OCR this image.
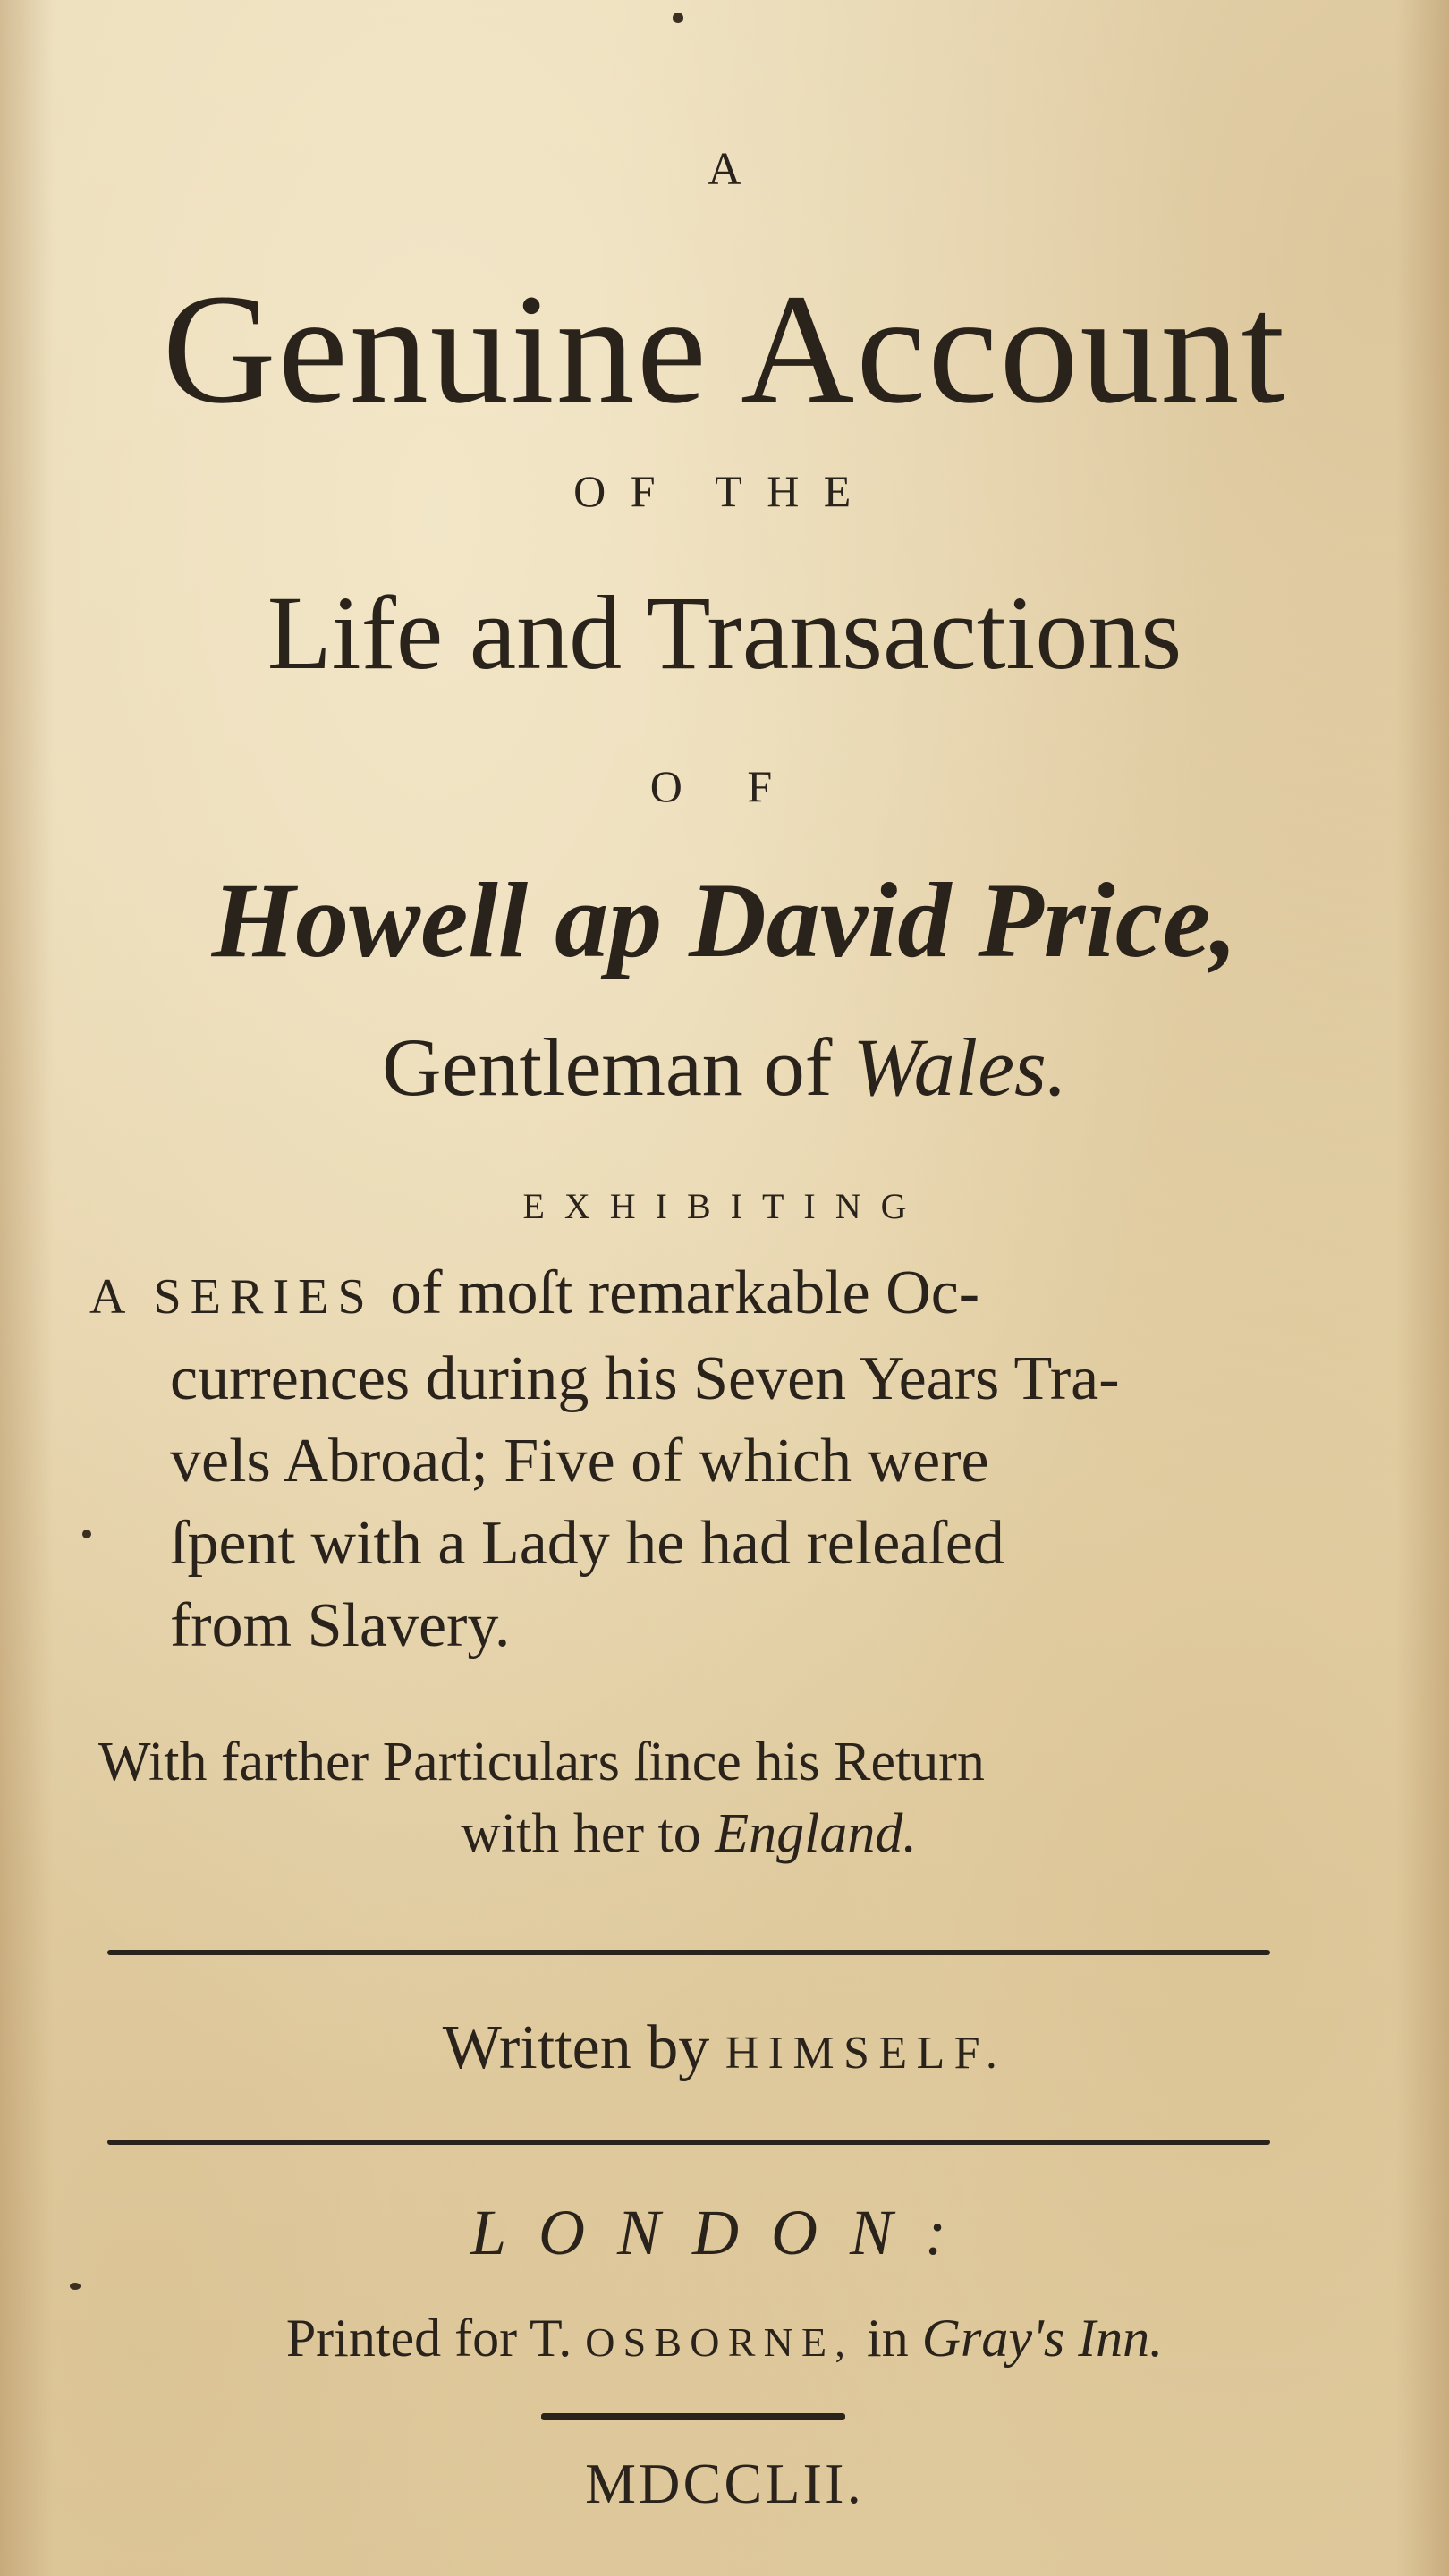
A
Genuine Account
OF THE
Life and Transactions
O F
Howell ap David Price,
Gentleman of Wales.
EXHIBITING
A SERIES of moſt remarkable Oc-
currences during his Seven Years Tra-
vels Abroad; Five of which were
ſpent with a Lady he had releaſed
from Slavery.
With farther Particulars ſince his Return
with her to England.
Written by HIMSELF.
LONDON:
Printed for T. OSBORNE, in Gray's Inn.
MDCCLII.
